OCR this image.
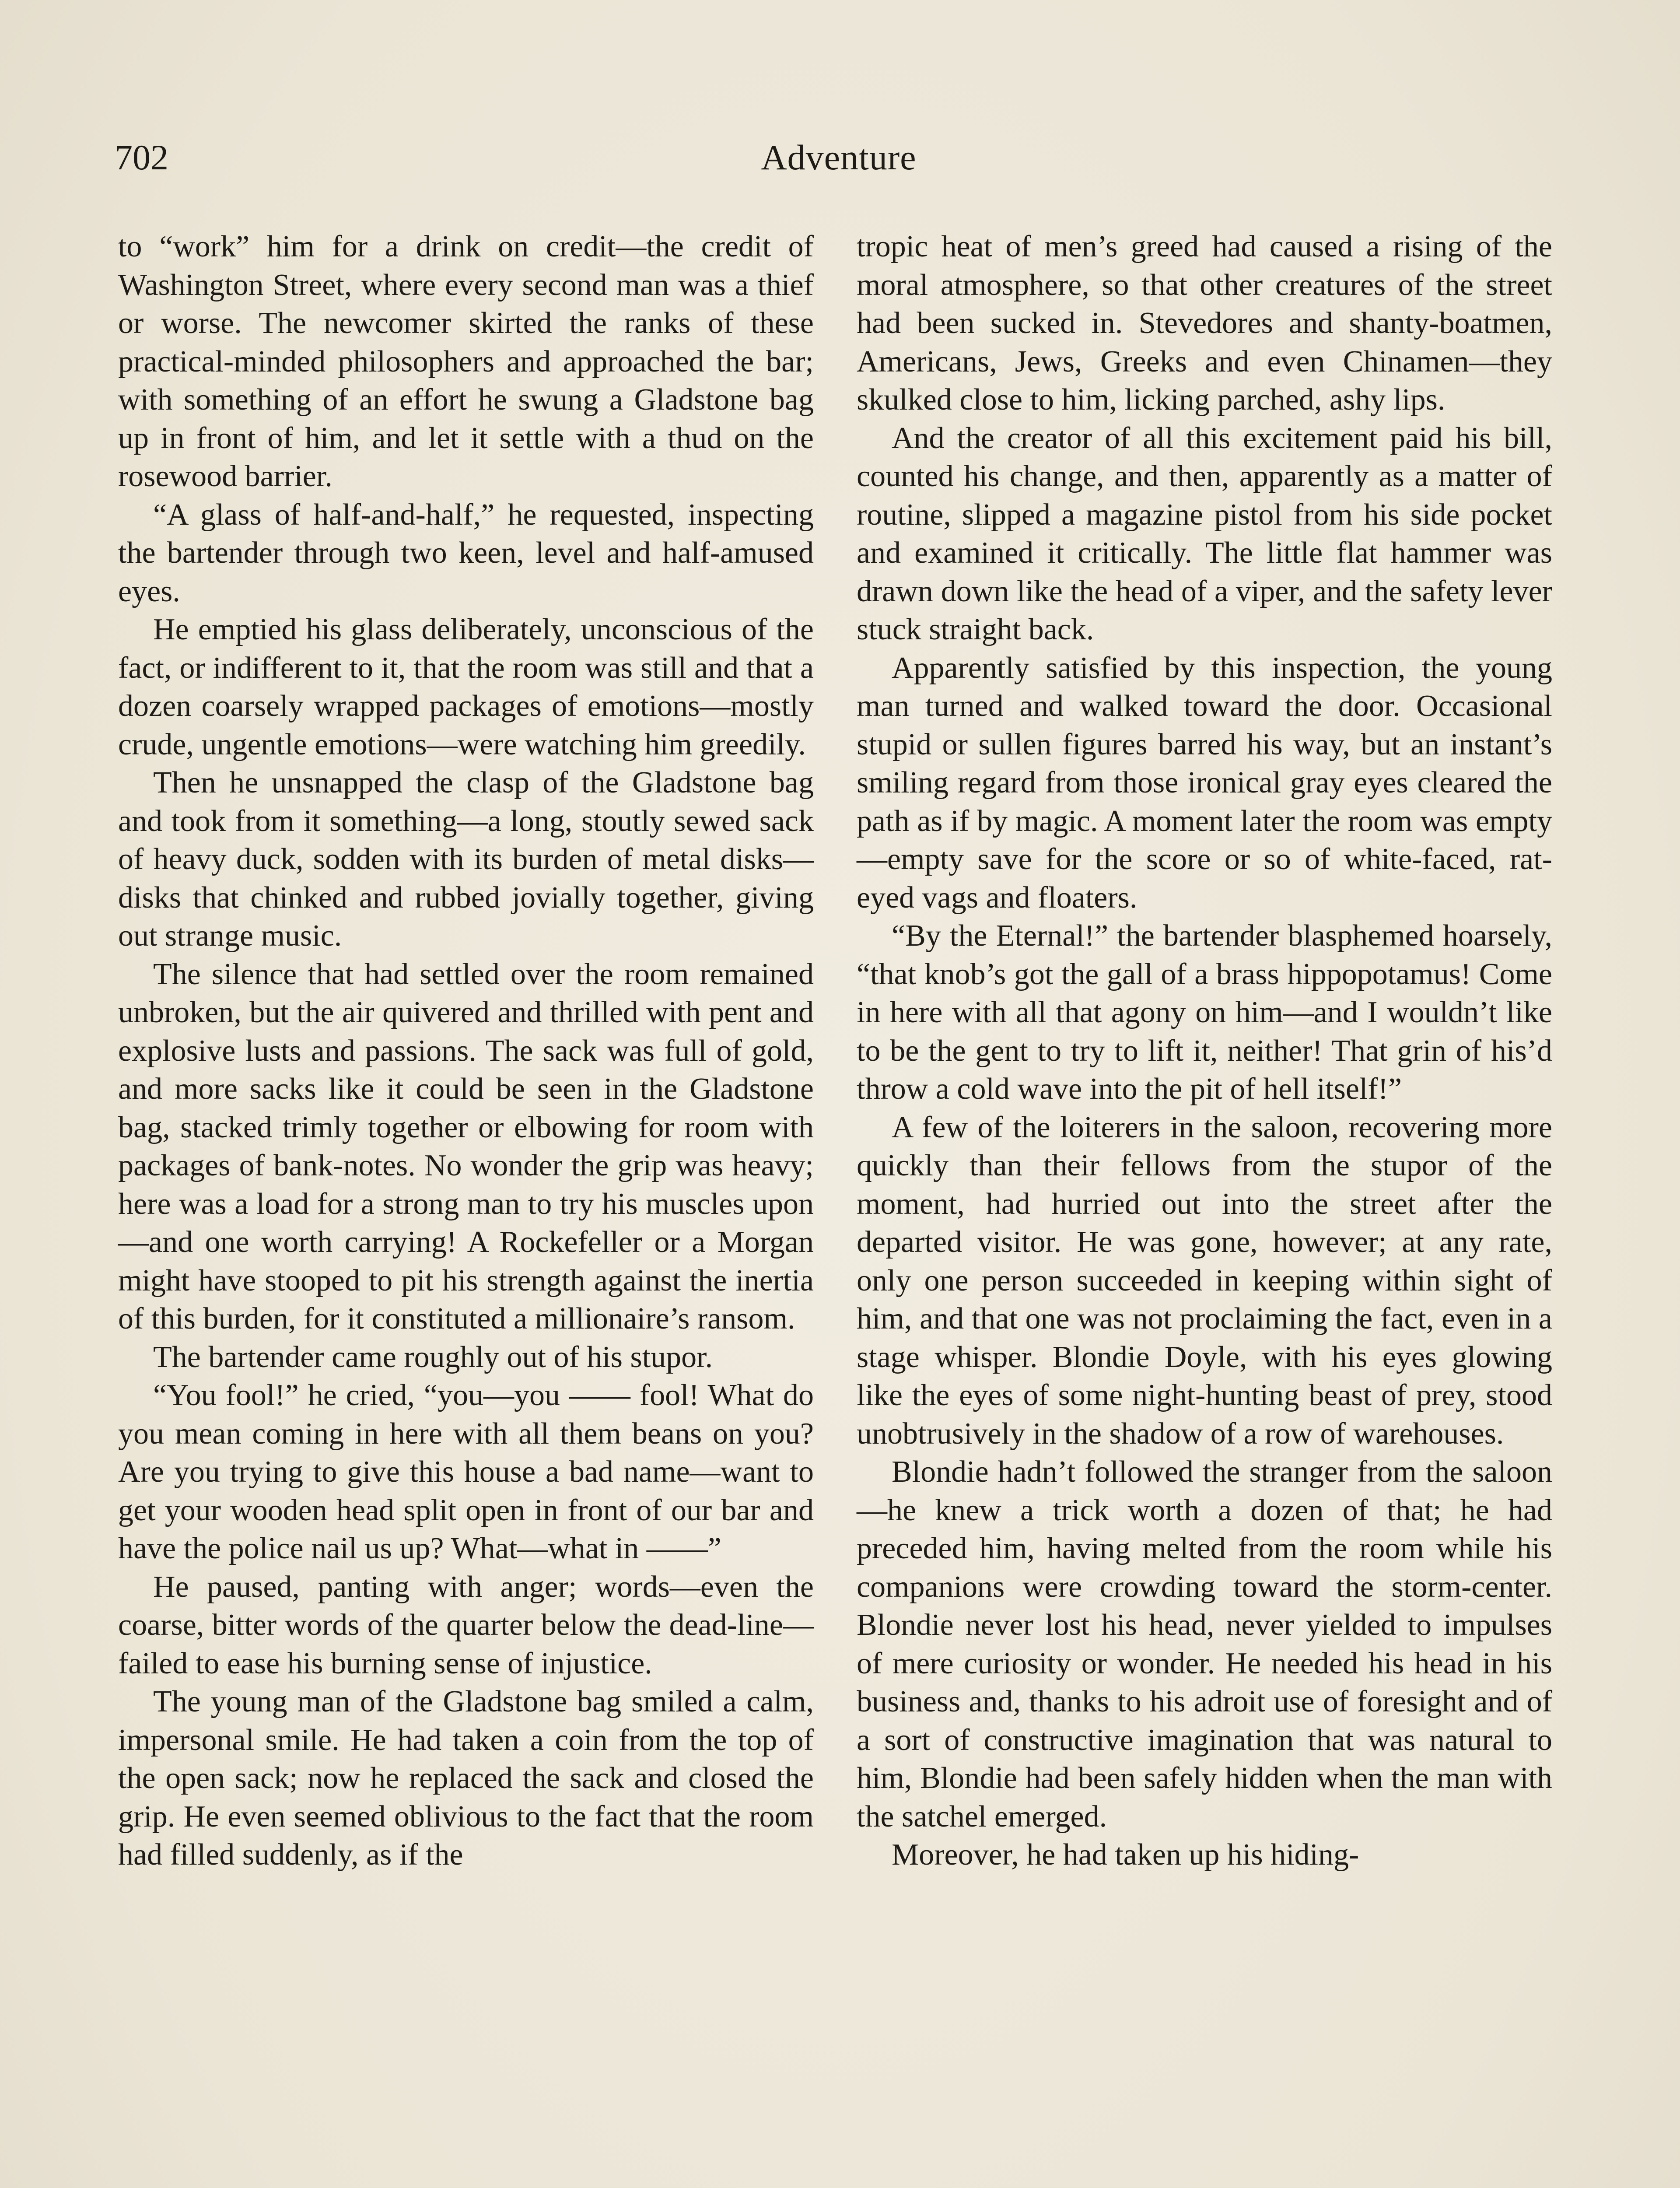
702	Adventure

to “work” him for a drink on credit—the credit of Washington Street, where every second man was a thief or worse. The newcomer skirted the ranks of these practical-minded philosophers and approached the bar; with something of an effort he swung a Gladstone bag up in front of him, and let it settle with a thud on the rosewood barrier.

“A glass of half-and-half,” he requested, inspecting the bartender through two keen, level and half-amused eyes.

He emptied his glass deliberately, unconscious of the fact, or indifferent to it, that the room was still and that a dozen coarsely wrapped packages of emotions—mostly crude, ungentle emotions—were watching him greedily.

Then he unsnapped the clasp of the Gladstone bag and took from it something—a long, stoutly sewed sack of heavy duck, sodden with its burden of metal disks—disks that chinked and rubbed jovially together, giving out strange music.

The silence that had settled over the room remained unbroken, but the air quivered and thrilled with pent and explosive lusts and passions. The sack was full of gold, and more sacks like it could be seen in the Gladstone bag, stacked trimly together or elbowing for room with packages of bank-notes. No wonder the grip was heavy; here was a load for a strong man to try his muscles upon—and one worth carrying! A Rockefeller or a Morgan might have stooped to pit his strength against the inertia of this burden, for it constituted a millionaire’s ransom.

The bartender came roughly out of his stupor.

“You fool!” he cried, “you—you —— fool! What do you mean coming in here with all them beans on you? Are you trying to give this house a bad name—want to get your wooden head split open in front of our bar and have the police nail us up? What—what in ——”

He paused, panting with anger; words—even the coarse, bitter words of the quarter below the dead-line—failed to ease his burning sense of injustice.

The young man of the Gladstone bag smiled a calm, impersonal smile. He had taken a coin from the top of the open sack; now he replaced the sack and closed the grip. He even seemed oblivious to the fact that the room had filled suddenly, as if the

tropic heat of men’s greed had caused a rising of the moral atmosphere, so that other creatures of the street had been sucked in. Stevedores and shanty-boatmen, Americans, Jews, Greeks and even Chinamen—they skulked close to him, licking parched, ashy lips.

And the creator of all this excitement paid his bill, counted his change, and then, apparently as a matter of routine, slipped a magazine pistol from his side pocket and examined it critically. The little flat hammer was drawn down like the head of a viper, and the safety lever stuck straight back.

Apparently satisfied by this inspection, the young man turned and walked toward the door. Occasional stupid or sullen figures barred his way, but an instant’s smiling regard from those ironical gray eyes cleared the path as if by magic. A moment later the room was empty—empty save for the score or so of white-faced, rat-eyed vags and floaters.

“By the Eternal!” the bartender blasphemed hoarsely, “that knob’s got the gall of a brass hippopotamus! Come in here with all that agony on him—and I wouldn’t like to be the gent to try to lift it, neither! That grin of his’d throw a cold wave into the pit of hell itself!”

A few of the loiterers in the saloon, recovering more quickly than their fellows from the stupor of the moment, had hurried out into the street after the departed visitor. He was gone, however; at any rate, only one person succeeded in keeping within sight of him, and that one was not proclaiming the fact, even in a stage whisper. Blondie Doyle, with his eyes glowing like the eyes of some night-hunting beast of prey, stood unobtrusively in the shadow of a row of warehouses.

Blondie hadn’t followed the stranger from the saloon—he knew a trick worth a dozen of that; he had preceded him, having melted from the room while his companions were crowding toward the storm-center. Blondie never lost his head, never yielded to impulses of mere curiosity or wonder. He needed his head in his business and, thanks to his adroit use of foresight and of a sort of constructive imagination that was natural to him, Blondie had been safely hidden when the man with the satchel emerged.

Moreover, he had taken up his hiding-
